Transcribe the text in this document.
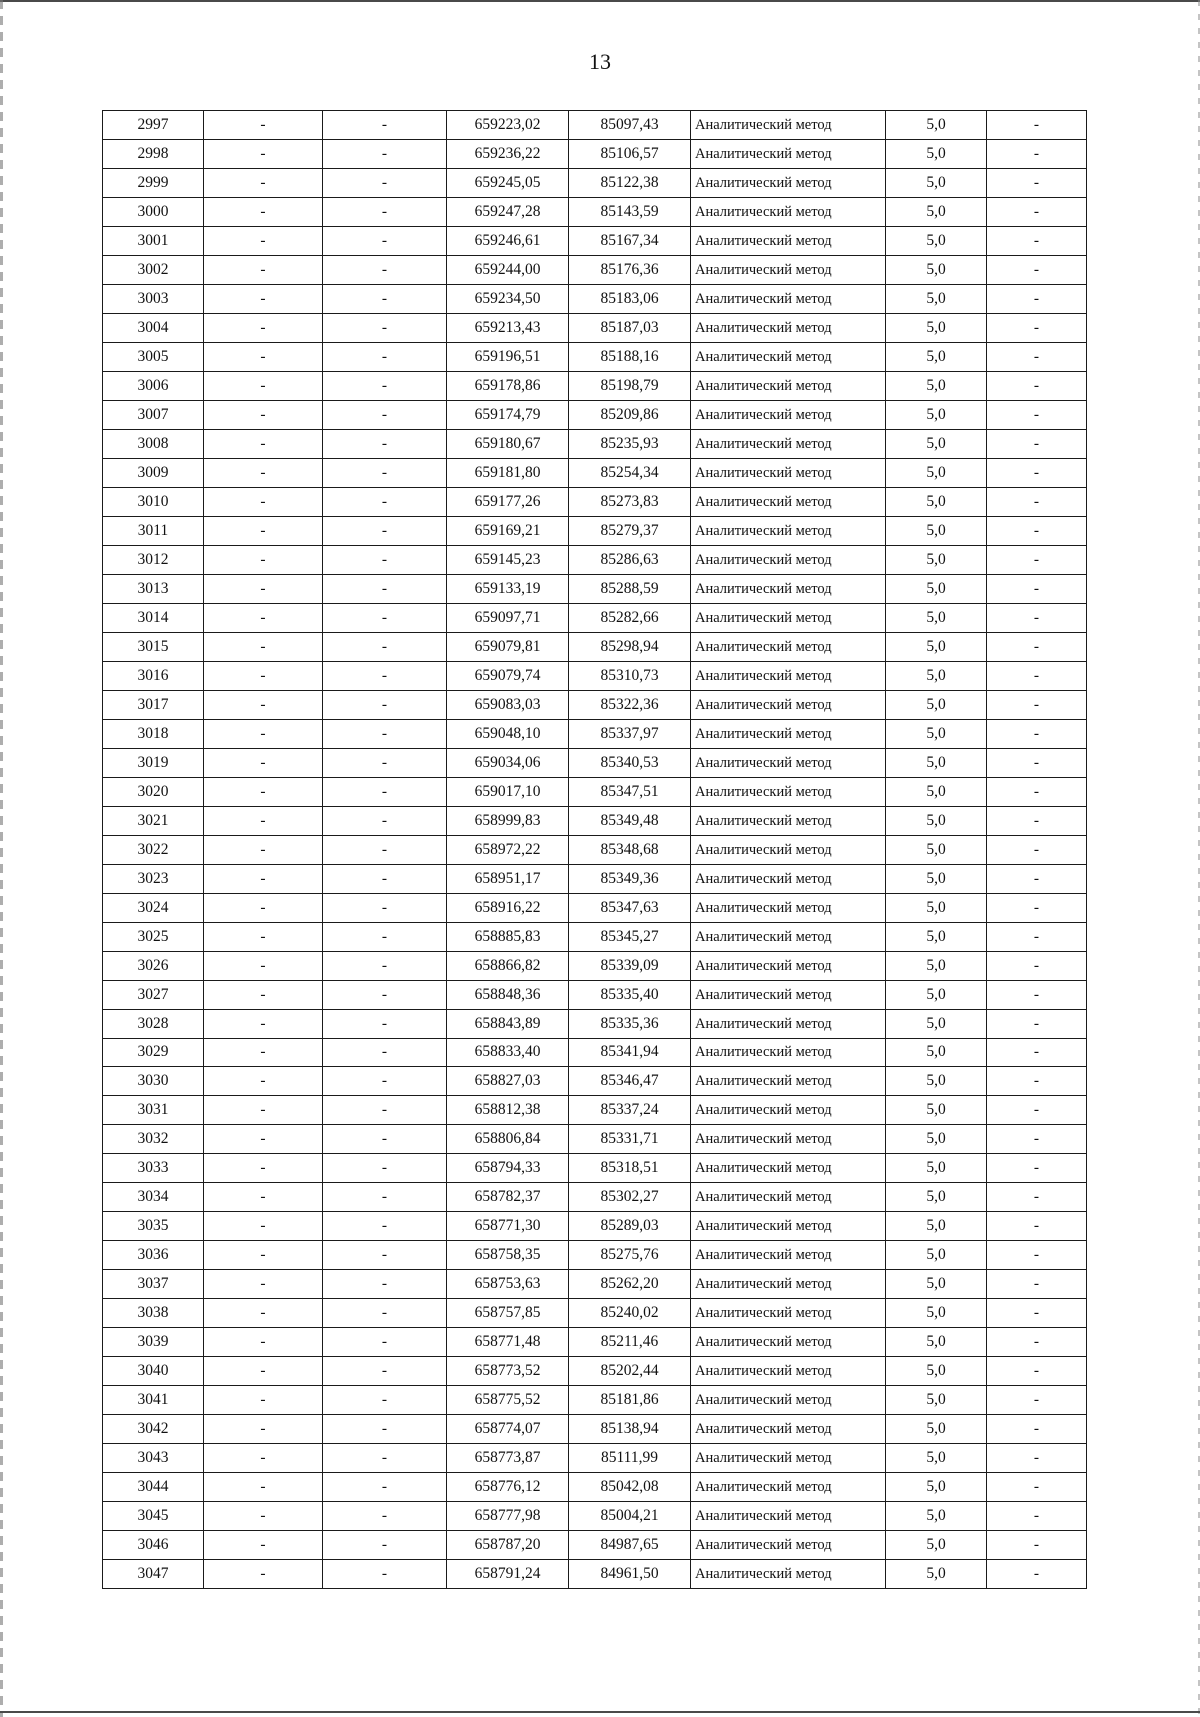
13
2997	-	-	659223,02	85097,43	Аналитический метод	5,0	-
2998	-	-	659236,22	85106,57	Аналитический метод	5,0	-
2999	-	-	659245,05	85122,38	Аналитический метод	5,0	-
3000	-	-	659247,28	85143,59	Аналитический метод	5,0	-
3001	-	-	659246,61	85167,34	Аналитический метод	5,0	-
3002	-	-	659244,00	85176,36	Аналитический метод	5,0	-
3003	-	-	659234,50	85183,06	Аналитический метод	5,0	-
3004	-	-	659213,43	85187,03	Аналитический метод	5,0	-
3005	-	-	659196,51	85188,16	Аналитический метод	5,0	-
3006	-	-	659178,86	85198,79	Аналитический метод	5,0	-
3007	-	-	659174,79	85209,86	Аналитический метод	5,0	-
3008	-	-	659180,67	85235,93	Аналитический метод	5,0	-
3009	-	-	659181,80	85254,34	Аналитический метод	5,0	-
3010	-	-	659177,26	85273,83	Аналитический метод	5,0	-
3011	-	-	659169,21	85279,37	Аналитический метод	5,0	-
3012	-	-	659145,23	85286,63	Аналитический метод	5,0	-
3013	-	-	659133,19	85288,59	Аналитический метод	5,0	-
3014	-	-	659097,71	85282,66	Аналитический метод	5,0	-
3015	-	-	659079,81	85298,94	Аналитический метод	5,0	-
3016	-	-	659079,74	85310,73	Аналитический метод	5,0	-
3017	-	-	659083,03	85322,36	Аналитический метод	5,0	-
3018	-	-	659048,10	85337,97	Аналитический метод	5,0	-
3019	-	-	659034,06	85340,53	Аналитический метод	5,0	-
3020	-	-	659017,10	85347,51	Аналитический метод	5,0	-
3021	-	-	658999,83	85349,48	Аналитический метод	5,0	-
3022	-	-	658972,22	85348,68	Аналитический метод	5,0	-
3023	-	-	658951,17	85349,36	Аналитический метод	5,0	-
3024	-	-	658916,22	85347,63	Аналитический метод	5,0	-
3025	-	-	658885,83	85345,27	Аналитический метод	5,0	-
3026	-	-	658866,82	85339,09	Аналитический метод	5,0	-
3027	-	-	658848,36	85335,40	Аналитический метод	5,0	-
3028	-	-	658843,89	85335,36	Аналитический метод	5,0	-
3029	-	-	658833,40	85341,94	Аналитический метод	5,0	-
3030	-	-	658827,03	85346,47	Аналитический метод	5,0	-
3031	-	-	658812,38	85337,24	Аналитический метод	5,0	-
3032	-	-	658806,84	85331,71	Аналитический метод	5,0	-
3033	-	-	658794,33	85318,51	Аналитический метод	5,0	-
3034	-	-	658782,37	85302,27	Аналитический метод	5,0	-
3035	-	-	658771,30	85289,03	Аналитический метод	5,0	-
3036	-	-	658758,35	85275,76	Аналитический метод	5,0	-
3037	-	-	658753,63	85262,20	Аналитический метод	5,0	-
3038	-	-	658757,85	85240,02	Аналитический метод	5,0	-
3039	-	-	658771,48	85211,46	Аналитический метод	5,0	-
3040	-	-	658773,52	85202,44	Аналитический метод	5,0	-
3041	-	-	658775,52	85181,86	Аналитический метод	5,0	-
3042	-	-	658774,07	85138,94	Аналитический метод	5,0	-
3043	-	-	658773,87	85111,99	Аналитический метод	5,0	-
3044	-	-	658776,12	85042,08	Аналитический метод	5,0	-
3045	-	-	658777,98	85004,21	Аналитический метод	5,0	-
3046	-	-	658787,20	84987,65	Аналитический метод	5,0	-
3047	-	-	658791,24	84961,50	Аналитический метод	5,0	-
